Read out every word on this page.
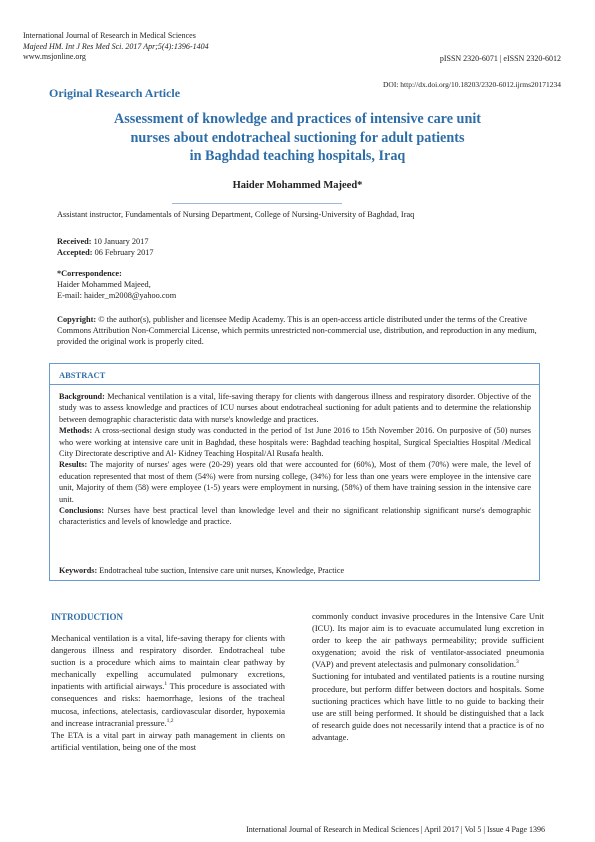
International Journal of Research in Medical Sciences
Majeed HM. Int J Res Med Sci. 2017 Apr;5(4):1396-1404
www.msjonline.org	pISSN 2320-6071 | eISSN 2320-6012
DOI: http://dx.doi.org/10.18203/2320-6012.ijrms20171234
Original Research Article
Assessment of knowledge and practices of intensive care unit
nurses about endotracheal suctioning for adult patients
in Baghdad teaching hospitals, Iraq
Haider Mohammed Majeed*
Assistant instructor, Fundamentals of Nursing Department, College of Nursing-University of Baghdad, Iraq
Received: 10 January 2017
Accepted: 06 February 2017
*Correspondence:
Haider Mohammed Majeed,
E-mail: haider_m2008@yahoo.com
Copyright: © the author(s), publisher and licensee Medip Academy. This is an open-access article distributed under the terms of the Creative Commons Attribution Non-Commercial License, which permits unrestricted non-commercial use, distribution, and reproduction in any medium, provided the original work is properly cited.
ABSTRACT

Background: Mechanical ventilation is a vital, life-saving therapy for clients with dangerous illness and respiratory disorder. Objective of the study was to assess knowledge and practices of ICU nurses about endotracheal suctioning for adult patients and to determine the relationship between demographic characteristic data with nurse's knowledge and practices.

Methods: A cross-sectional design study was conducted in the period of 1st June 2016 to 15th November 2016. On purposive of (50) nurses who were working at intensive care unit in Baghdad, these hospitals were: Baghdad teaching hospital, Surgical Specialties Hospital /Medical City Directorate descriptive and Al- Kidney Teaching Hospital/Al Rusafa health.

Results: The majority of nurses' ages were (20-29) years old that were accounted for (60%), Most of them (70%) were male, the level of education represented that most of them (54%) were from nursing college, (34%) for less than one years were employee in the intensive care unit, Majority of them (58) were employee (1-5) years were employment in nursing, (58%) of them have training session in the intensive care unit.

Conclusions: Nurses have best practical level than knowledge level and their no significant relationship significant nurse's demographic characteristics and levels of knowledge and practice.

Keywords: Endotracheal tube suction, Intensive care unit nurses, Knowledge, Practice
INTRODUCTION

Mechanical ventilation is a vital, life-saving therapy for clients with dangerous illness and respiratory disorder. Endotracheal tube suction is a procedure which aims to maintain clear pathway by mechanically expelling accumulated pulmonary excretions, inpatients with artificial airways.$^1$ This procedure is associated with consequences and risks: haemorrhage, lesions of the tracheal mucosa, infections, atelectasis, cardiovascular disorder, hypoxemia and increase intracranial pressure.$^{1,2}$

The ETA is a vital part in airway path management in clients on artificial ventilation, being one of the most

commonly conduct invasive procedures in the Intensive Care Unit (ICU). Its major aim is to evacuate accumulated lung excretion in order to keep the air pathways permeability; provide sufficient oxygenation; avoid the risk of ventilator-associated pneumonia (VAP) and prevent atelectasis and pulmonary consolidation.$^3$

Suctioning for intubated and ventilated patients is a routine nursing procedure, but perform differ between doctors and hospitals. Some suctioning practices which have little to no guide to backing their use are still being performed. It should be distinguished that a lack of research guide does not necessarily intend that a practice is of no advantage.

International Journal of Research in Medical Sciences | April 2017 | Vol 5 | Issue 4 Page 1396
